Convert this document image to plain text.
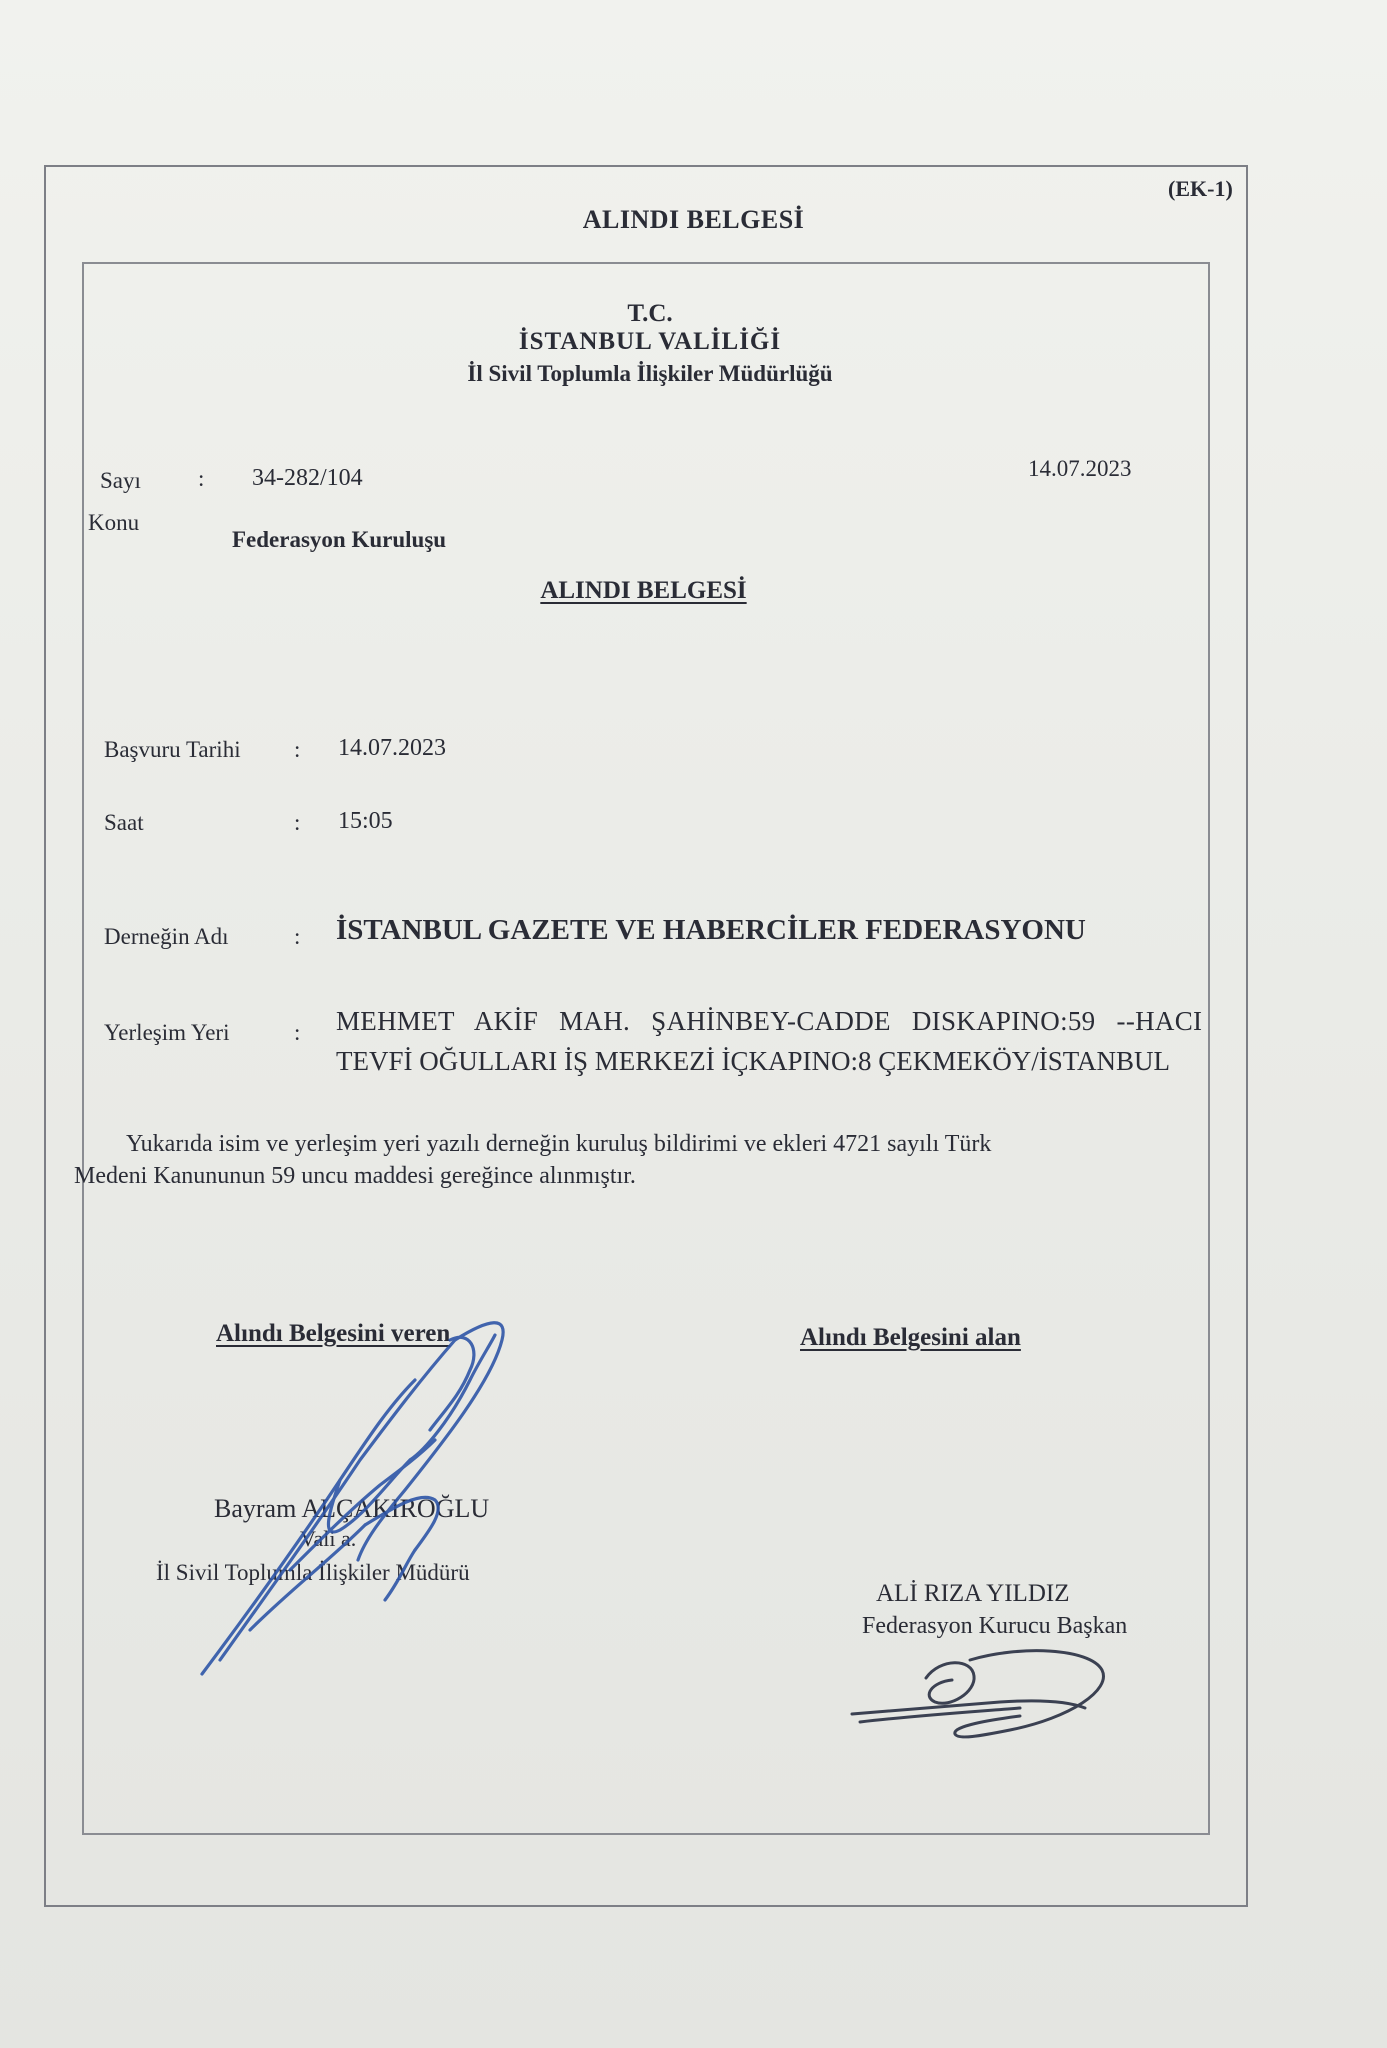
(EK-1)
ALINDI BELGESİ
T.C.
İSTANBUL VALİLİĞİ
İl Sivil Toplumla İlişkiler Müdürlüğü
Sayı : 34-282/104	14.07.2023
Konu
Federasyon Kuruluşu
ALINDI BELGESİ
Başvuru Tarihi : 14.07.2023
Saat	: 15:05
Derneğin Adı	: İSTANBUL GAZETE VE HABERCİLER FEDERASYONU
Yerleşim Yeri	: MEHMET AKİF MAH. ŞAHİNBEY-CADDE DISKAPINO:59 --HACI
TEVFİ OĞULLARI İŞ MERKEZİ İÇKAPINO:8 ÇEKMEKÖY/İSTANBUL
Yukarıda isim ve yerleşim yeri yazılı derneğin kuruluş bildirimi ve ekleri 4721 sayılı Türk
Medeni Kanununun 59 uncu maddesi gereğince alınmıştır.
Alındı Belgesini veren	Alındı Belgesini alan
Bayram ALÇAKIROĞLU
Vali a.
İl Sivil Toplumla İlişkiler Müdürü
ALİ RIZA YILDIZ
Federasyon Kurucu Başkan
